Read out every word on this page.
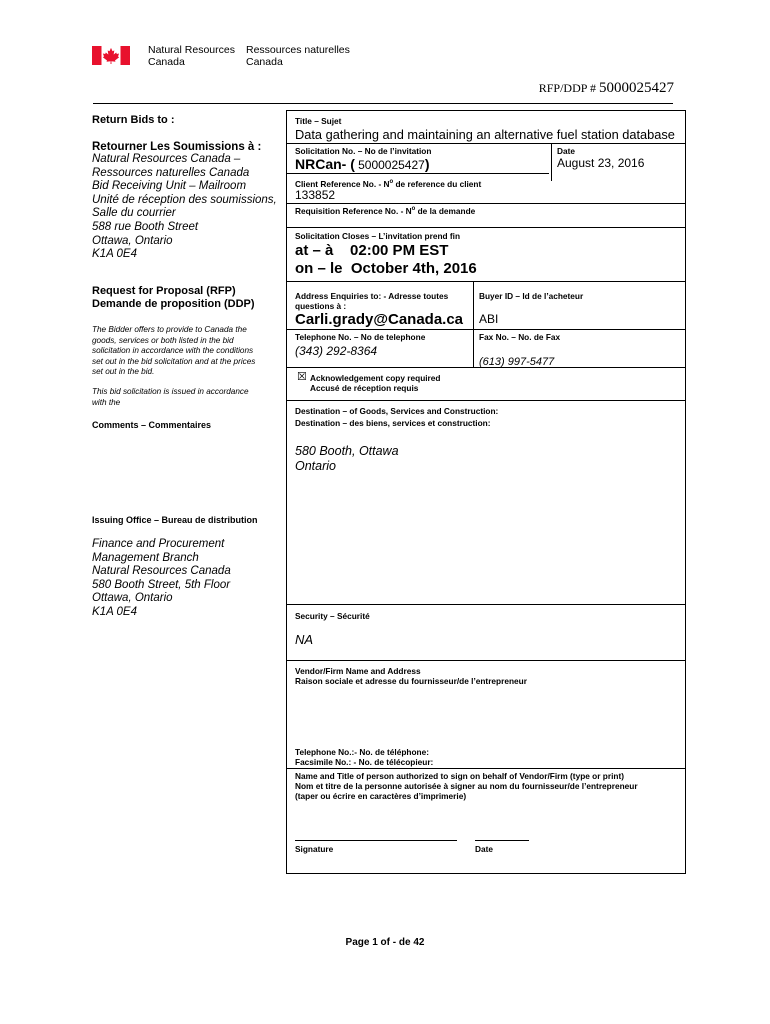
Natural Resources
Canada
Ressources naturelles
Canada
RFP/DDP # 5000025427
Return Bids to :
Retourner Les Soumissions à :
Natural Resources Canada –
Ressources naturelles Canada
Bid Receiving Unit – Mailroom
Unité de réception des soumissions,
Salle du courrier
588 rue Booth Street
Ottawa, Ontario
K1A 0E4
Request for Proposal (RFP)
Demande de proposition (DDP)
The Bidder offers to provide to Canada the
goods, services or both listed in the bid
solicitation in accordance with the conditions
set out in the bid solicitation and at the prices
set out in the bid.
This bid solicitation is issued in accordance
with the
Comments – Commentaires
Issuing Office – Bureau de distribution
Finance and Procurement
Management Branch
Natural Resources Canada
580 Booth Street, 5th Floor
Ottawa, Ontario
K1A 0E4
Title – Sujet
Data gathering and maintaining an alternative fuel station database
Solicitation No. – No de l’invitation
NRCan- ( 5000025427)
Date
August 23, 2016
Client Reference No. - $N^o$ de reference du client
133852
Requisition Reference No. - $N^o$ de la demande
Solicitation Closes – L’invitation prend fin
at – à    02:00 PM EST
on – le  October 4th, 2016
Address Enquiries to: - Adresse toutes
questions à :
Carli.grady@Canada.ca
Buyer ID – Id de l’acheteur
ABI
Telephone No. – No de telephone
(343) 292-8364
Fax No. – No. de Fax
(613) 997-5477
☒ Acknowledgement copy required
Accusé de réception requis
Destination – of Goods, Services and Construction:
Destination – des biens, services et construction:
580 Booth, Ottawa
Ontario
Security – Sécurité
NA
Vendor/Firm Name and Address
Raison sociale et adresse du fournisseur/de l’entrepreneur
Telephone No.:- No. de téléphone:
Facsimile No.: - No. de télécopieur:
Name and Title of person authorized to sign on behalf of Vendor/Firm (type or print)
Nom et titre de la personne autorisée à signer au nom du fournisseur/de l’entrepreneur
(taper ou écrire en caractères d’imprimerie)
Signature	Date
Page 1 of - de 42
